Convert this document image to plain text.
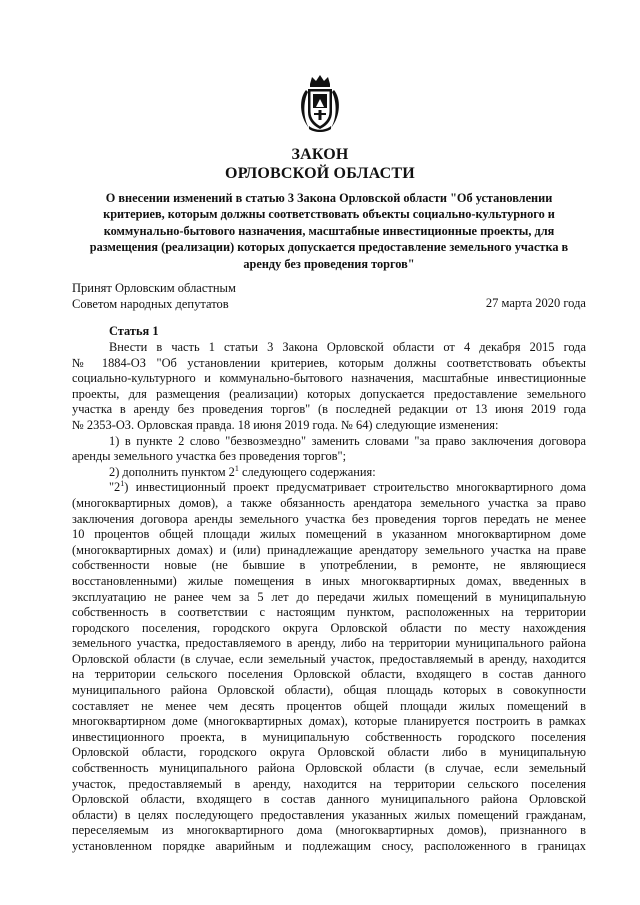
ЗАКОН
ОРЛОВСКОЙ ОБЛАСТИ
О внесении изменений в статью 3 Закона Орловской области "Об установлении
критериев, которым должны соответствовать объекты социально-культурного и
коммунально-бытового назначения, масштабные инвестиционные проекты, для
размещения (реализации) которых допускается предоставление земельного участка в
аренду без проведения торгов"
Принят Орловским областным
Советом народных депутатов	27 марта 2020 года
Статья 1
Внести в часть 1 статьи 3 Закона Орловской области от 4 декабря 2015 года
№ 1884-ОЗ "Об установлении критериев, которым должны соответствовать объекты
социально-культурного и коммунально-бытового назначения, масштабные инвестиционные
проекты, для размещения (реализации) которых допускается предоставление земельного
участка в аренду без проведения торгов" (в последней редакции от 13 июня 2019 года
№ 2353-ОЗ. Орловская правда. 18 июня 2019 года. № 64) следующие изменения:
1) в пункте 2 слово "безвозмездно" заменить словами "за право заключения договора
аренды земельного участка без проведения торгов";
2) дополнить пунктом $2^1$ следующего содержания:
"$2^1$) инвестиционный проект предусматривает строительство многоквартирного дома
(многоквартирных домов), а также обязанность арендатора земельного участка за право
заключения договора аренды земельного участка без проведения торгов передать не менее
10 процентов общей площади жилых помещений в указанном многоквартирном доме
(многоквартирных домах) и (или) принадлежащие арендатору земельного участка на праве
собственности новые (не бывшие в употреблении, в ремонте, не являющиеся
восстановленными) жилые помещения в иных многоквартирных домах, введенных в
эксплуатацию не ранее чем за 5 лет до передачи жилых помещений в муниципальную
собственность в соответствии с настоящим пунктом, расположенных на территории
городского поселения, городского округа Орловской области по месту нахождения
земельного участка, предоставляемого в аренду, либо на территории муниципального района
Орловской области (в случае, если земельный участок, предоставляемый в аренду, находится
на территории сельского поселения Орловской области, входящего в состав данного
муниципального района Орловской области), общая площадь которых в совокупности
составляет не менее чем десять процентов общей площади жилых помещений в
многоквартирном доме (многоквартирных домах), которые планируется построить в рамках
инвестиционного проекта, в муниципальную собственность городского поселения
Орловской области, городского округа Орловской области либо в муниципальную
собственность муниципального района Орловской области (в случае, если земельный
участок, предоставляемый в аренду, находится на территории сельского поселения
Орловской области, входящего в состав данного муниципального района Орловской
области) в целях последующего предоставления указанных жилых помещений гражданам,
переселяемым из многоквартирного дома (многоквартирных домов), признанного в
установленном порядке аварийным и подлежащим сносу, расположенного в границах
